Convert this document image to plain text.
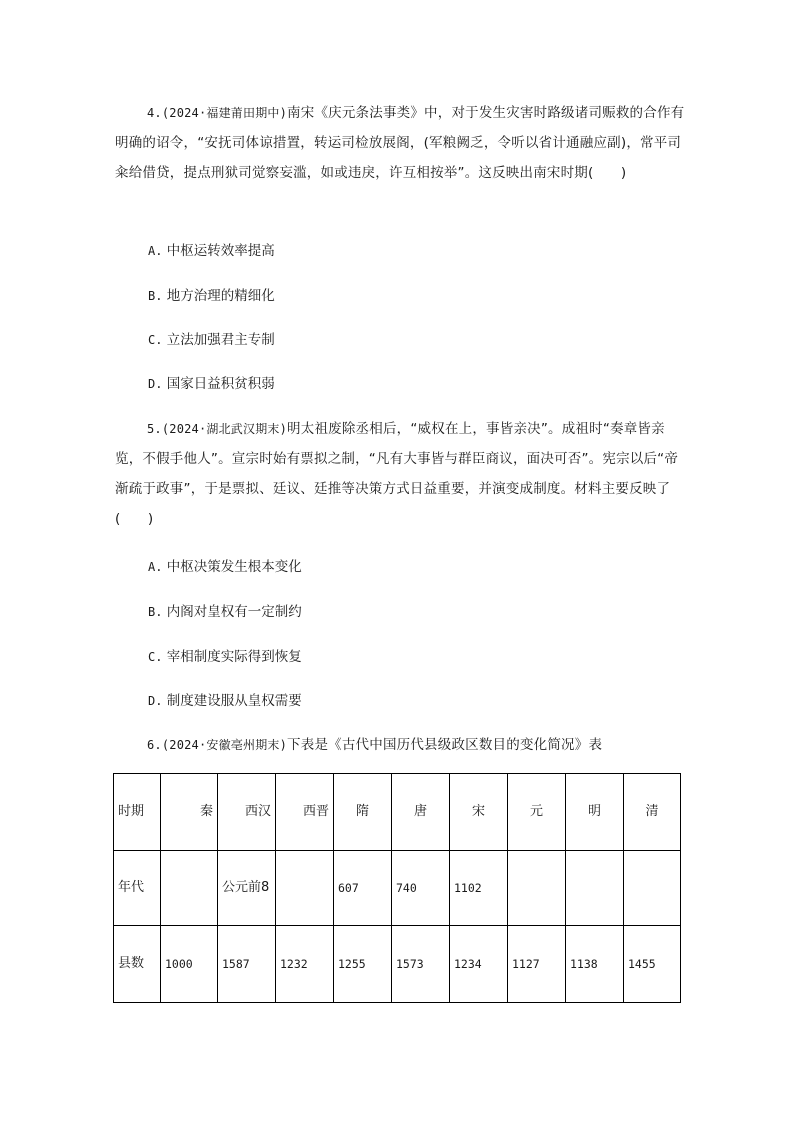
4.(2024·福建莆田期中)南宋《庆元条法事类》中，对于发生灾害时路级诸司赈救的合作有明确的诏令，“安抚司体谅措置，转运司检放展阁，(军粮阙乏，令听以省计通融应副)，常平司籴给借贷，提点刑狱司觉察妄滥，如或违戾，许互相按举”。这反映出南宋时期(　　)
A. 中枢运转效率提高
B. 地方治理的精细化
C. 立法加强君主专制
D. 国家日益积贫积弱
5.(2024·湖北武汉期末)明太祖废除丞相后，“威权在上，事皆亲决”。成祖时“奏章皆亲览，不假手他人”。宣宗时始有票拟之制，“凡有大事皆与群臣商议，面决可否”。宪宗以后“帝渐疏于政事”，于是票拟、廷议、廷推等决策方式日益重要，并演变成制度。材料主要反映了(　　)
A. 中枢决策发生根本变化
B. 内阁对皇权有一定制约
C. 宰相制度实际得到恢复
D. 制度建设服从皇权需要
6.(2024·安徽亳州期末)下表是《古代中国历代县级政区数目的变化简况》表
时期	秦	西汉	西晋	隋	唐	宋	元	明	清
年代		公元前8		607	740	1102			
县数	1000	1587	1232	1255	1573	1234	1127	1138	1455
